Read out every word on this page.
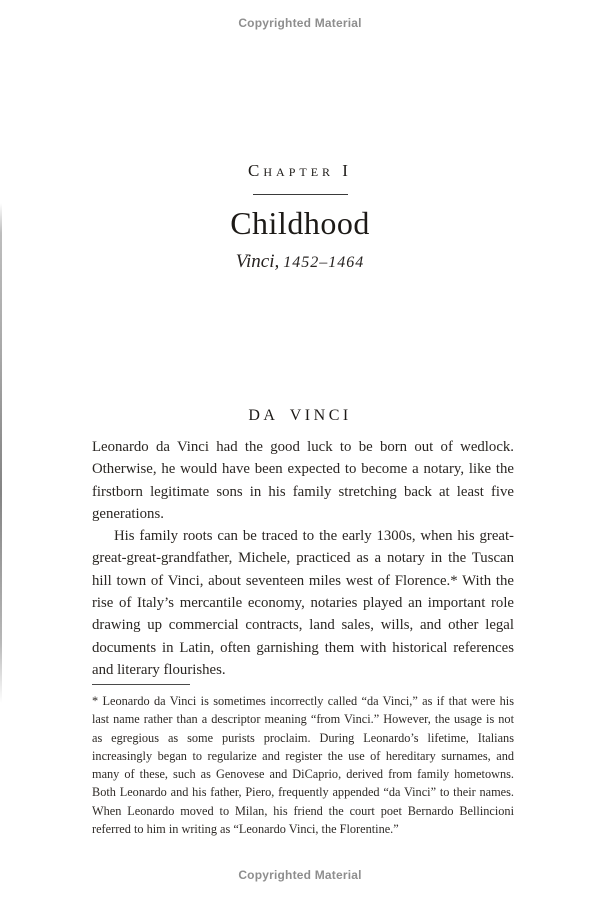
Copyrighted Material
Chapter I
Childhood
Vinci, 1452–1464
DA VINCI

Leonardo da Vinci had the good luck to be born out of wedlock. Otherwise, he would have been expected to become a notary, like the firstborn legitimate sons in his family stretching back at least five generations.

His family roots can be traced to the early 1300s, when his great-great-great-grandfather, Michele, practiced as a notary in the Tuscan hill town of Vinci, about seventeen miles west of Florence.* With the rise of Italy’s mercantile economy, notaries played an important role drawing up commercial contracts, land sales, wills, and other legal documents in Latin, often garnishing them with historical references and literary flourishes.

* Leonardo da Vinci is sometimes incorrectly called “da Vinci,” as if that were his last name rather than a descriptor meaning “from Vinci.” However, the usage is not as egregious as some purists proclaim. During Leonardo’s lifetime, Italians increasingly began to regularize and register the use of hereditary surnames, and many of these, such as Genovese and DiCaprio, derived from family hometowns. Both Leonardo and his father, Piero, frequently appended “da Vinci” to their names. When Leonardo moved to Milan, his friend the court poet Bernardo Bellincioni referred to him in writing as “Leonardo Vinci, the Florentine.”

Copyrighted Material
